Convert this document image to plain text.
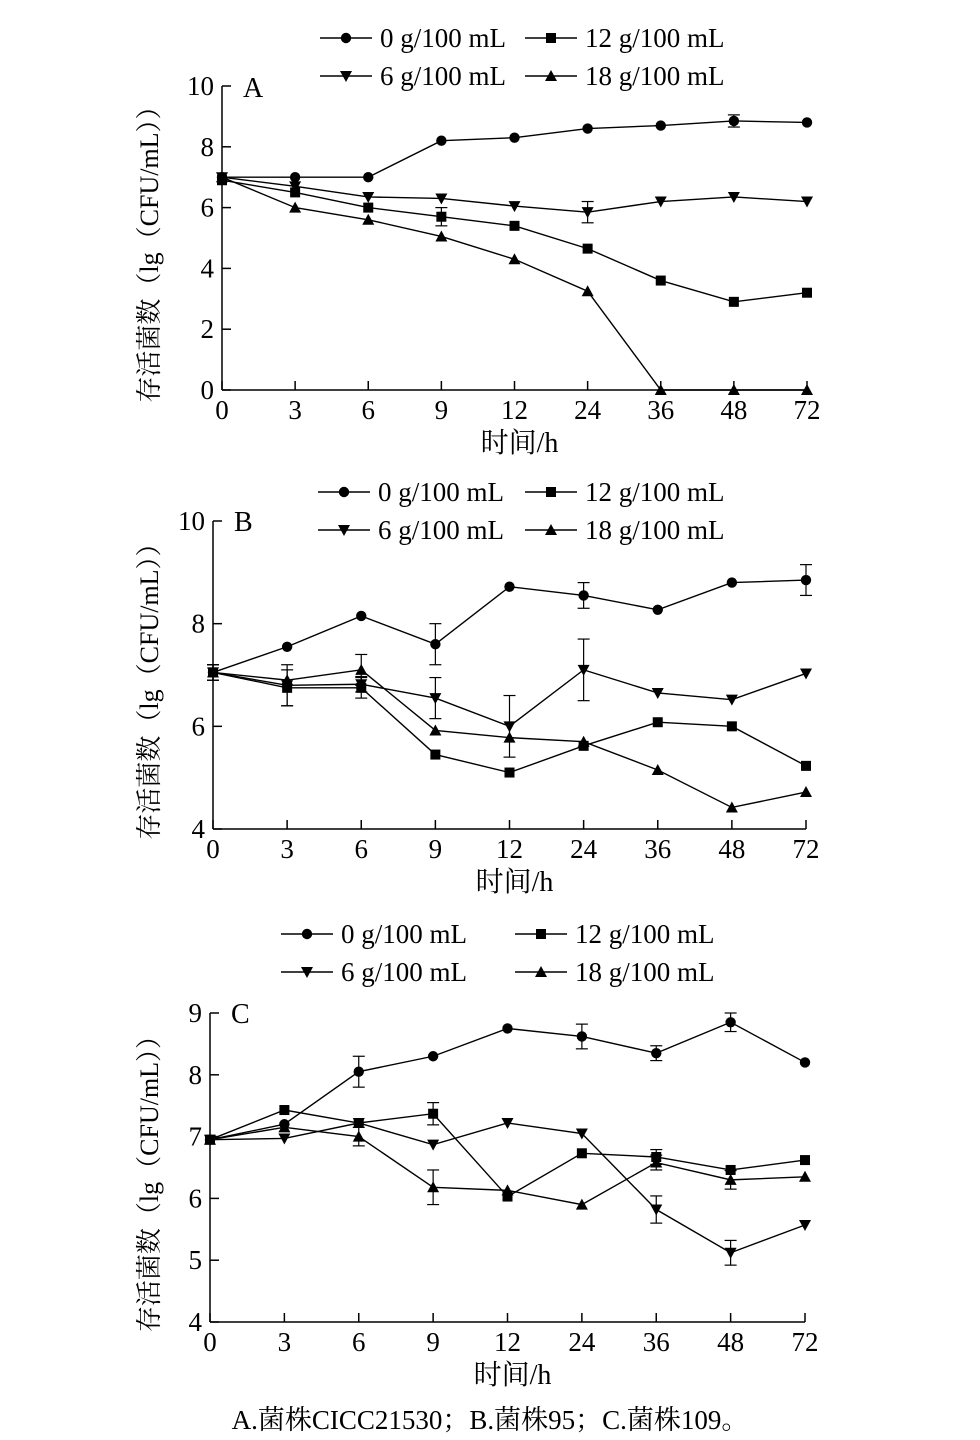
0
2
4
6
8
10
0 3 6 9 12 24 36 48 72
时间/h
存活菌数（lg（CFU/mL））
A
0 g/100 mL	12 g/100 mL
6 g/100 mL	18 g/100 mL
4
6
8
10
0 3 6 9 12 24 36 48 72
时间/h
存活菌数（lg（CFU/mL））
B
0 g/100 mL	12 g/100 mL
6 g/100 mL	18 g/100 mL
4
5
6
7
8
9
0 3 6 9 12 24 36 48 72
时间/h
存活菌数（lg（CFU/mL））
C
0 g/100 mL	12 g/100 mL
6 g/100 mL	18 g/100 mL
A.菌株CICC21530；B.菌株95；C.菌株109。
